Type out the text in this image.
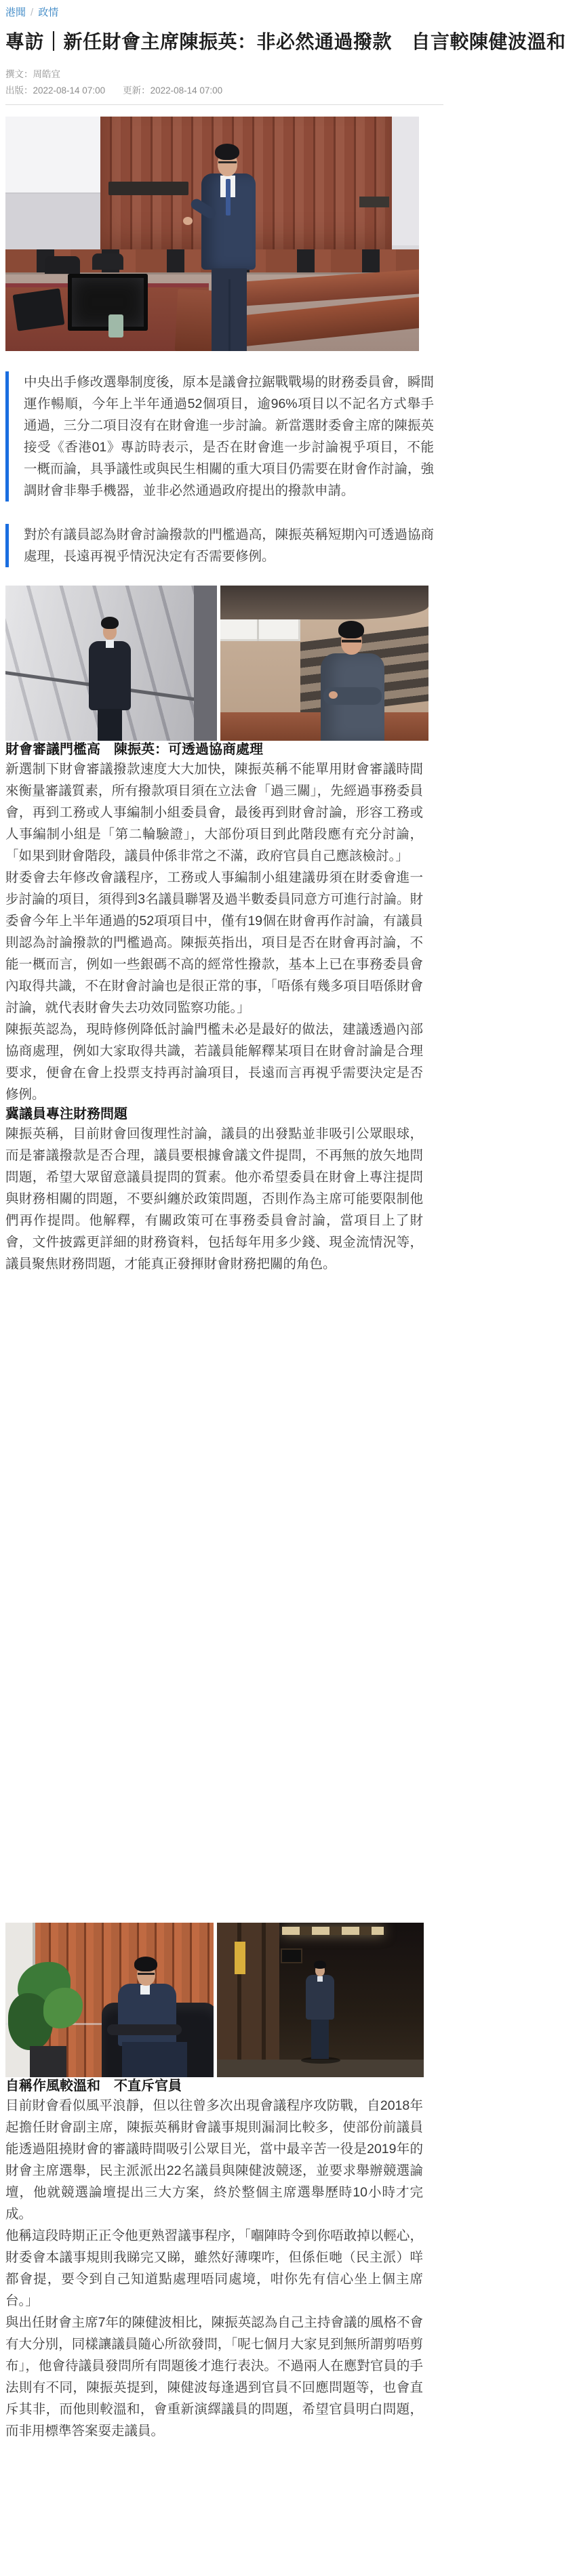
港聞 / 政情
專訪｜新任財會主席陳振英：非必然通過撥款　自言較陳健波溫和
撰文：周皓宜
出版：2022-08-14 07:00 更新：2022-08-14 07:00
中央出手修改選舉制度後，原本是議會拉鋸戰戰場的財務委員會，瞬間運作暢順，今年上半年通過52個項目，逾96%項目以不記名方式舉手通過，三分二項目沒有在財會進一步討論。新當選財委會主席的陳振英接受《香港01》專訪時表示，是否在財會進一步討論視乎項目，不能一概而論，具爭議性或與民生相關的重大項目仍需要在財會作討論，強調財會非舉手機器，並非必然通過政府提出的撥款申請。
對於有議員認為財會討論撥款的門檻過高，陳振英稱短期內可透過協商處理，長遠再視乎情況決定有否需要修例。
財會審議門檻高　陳振英：可透過協商處理

新選制下財會審議撥款速度大大加快，陳振英稱不能單用財會審議時間來衡量審議質素，所有撥款項目須在立法會「過三關」，先經過事務委員會，再到工務或人事編制小組委員會，最後再到財會討論，形容工務或人事編制小組是「第二輪驗證」，大部份項目到此階段應有充分討論，「如果到財會階段，議員仲係非常之不滿，政府官員自己應該檢討。」

財委會去年修改會議程序，工務或人事編制小組建議毋須在財委會進一步討論的項目，須得到3名議員聯署及過半數委員同意方可進行討論。財委會今年上半年通過的52項項目中，僅有19個在財會再作討論，有議員則認為討論撥款的門檻過高。陳振英指出，項目是否在財會再討論，不能一概而言，例如一些銀碼不高的經常性撥款，基本上已在事務委員會內取得共識，不在財會討論也是很正常的事，「唔係有幾多項目唔係財會討論，就代表財會失去功效同監察功能。」

陳振英認為，現時修例降低討論門檻未必是最好的做法，建議透過內部協商處理，例如大家取得共識，若議員能解釋某項目在財會討論是合理要求，便會在會上投票支持再討論項目，長遠而言再視乎需要決定是否修例。

冀議員專注財務問題

陳振英稱，目前財會回復理性討論，議員的出發點並非吸引公眾眼球，而是審議撥款是否合理，議員要根據會議文件提問，不再無的放矢地問問題，希望大眾留意議員提問的質素。他亦希望委員在財會上專注提問與財務相關的問題，不要糾纏於政策問題，否則作為主席可能要限制他們再作提問。他解釋，有關政策可在事務委員會討論，當項目上了財會，文件披露更詳細的財務資料，包括每年用多少錢、現金流情況等，議員聚焦財務問題，才能真正發揮財會財務把關的角色。

自稱作風較溫和　不直斥官員

目前財會看似風平浪靜，但以往曾多次出現會議程序攻防戰，自2018年起擔任財會副主席，陳振英稱財會議事規則漏洞比較多，使部份前議員能透過阻撓財會的審議時間吸引公眾目光，當中最辛苦一役是2019年的財會主席選舉，民主派派出22名議員與陳健波競逐，並要求舉辦競選論壇，他就競選論壇提出三大方案，終於整個主席選舉歷時10小時才完成。

他稱這段時期正正令他更熟習議事程序，「嗰陣時令到你唔敢掉以輕心，財委會本議事規則我睇完又睇，雖然好薄㗎咋，但係佢哋（民主派）咩都會提，要令到自己知道點處理唔同處境，咁你先有信心坐上個主席台。」

與出任財會主席7年的陳健波相比，陳振英認為自己主持會議的風格不會有大分別，同樣讓議員隨心所欲發問，「呢七個月大家見到無所謂剪唔剪布」，他會待議員發問所有問題後才進行表決。不過兩人在應對官員的手法則有不同，陳振英提到，陳健波每逢遇到官員不回應問題等，也會直斥其非，而他則較溫和，會重新演繹議員的問題，希望官員明白問題，而非用標準答案耍走議員。
